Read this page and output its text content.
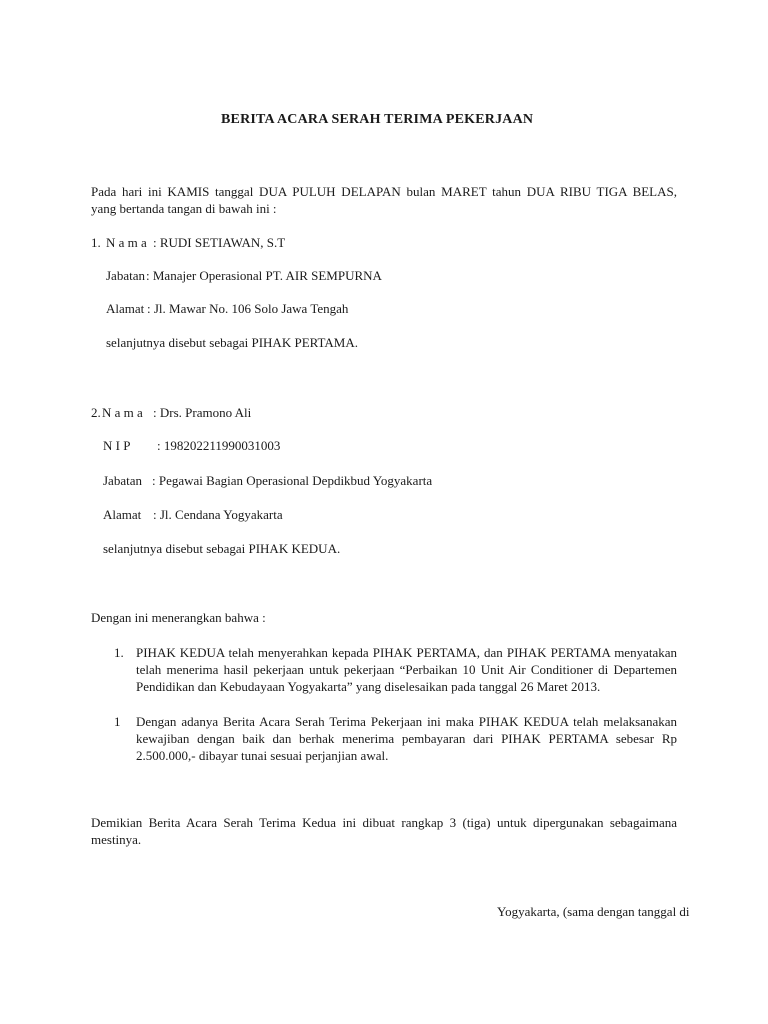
BERITA ACARA SERAH TERIMA PEKERJAAN
Pada hari ini KAMIS tanggal DUA PULUH DELAPAN bulan MARET tahun DUA RIBU TIGA BELAS,
yang bertanda tangan di bawah ini :
1. N a m a : RUDI SETIAWAN, S.T
Jabatan : Manajer Operasional PT. AIR SEMPURNA
Alamat : Jl. Mawar No. 106 Solo Jawa Tengah
selanjutnya disebut sebagai PIHAK PERTAMA.
2. N a m a : Drs. Pramono Ali
N I P : 198202211990031003
Jabatan : Pegawai Bagian Operasional Depdikbud Yogyakarta
Alamat : Jl. Cendana Yogyakarta
selanjutnya disebut sebagai PIHAK KEDUA.
Dengan ini menerangkan bahwa :
1. PIHAK KEDUA telah menyerahkan kepada PIHAK PERTAMA, dan PIHAK PERTAMA menyatakan
telah menerima hasil pekerjaan untuk pekerjaan “Perbaikan 10 Unit Air Conditioner di Departemen
Pendidikan dan Kebudayaan Yogyakarta” yang diselesaikan pada tanggal 26 Maret 2013.
1 Dengan adanya Berita Acara Serah Terima Pekerjaan ini maka PIHAK KEDUA telah melaksanakan
kewajiban dengan baik dan berhak menerima pembayaran dari PIHAK PERTAMA sebesar Rp
2.500.000,- dibayar tunai sesuai perjanjian awal.
Demikian Berita Acara Serah Terima Kedua ini dibuat rangkap 3 (tiga) untuk dipergunakan sebagaimana
mestinya.
Yogyakarta, (sama dengan tanggal di
